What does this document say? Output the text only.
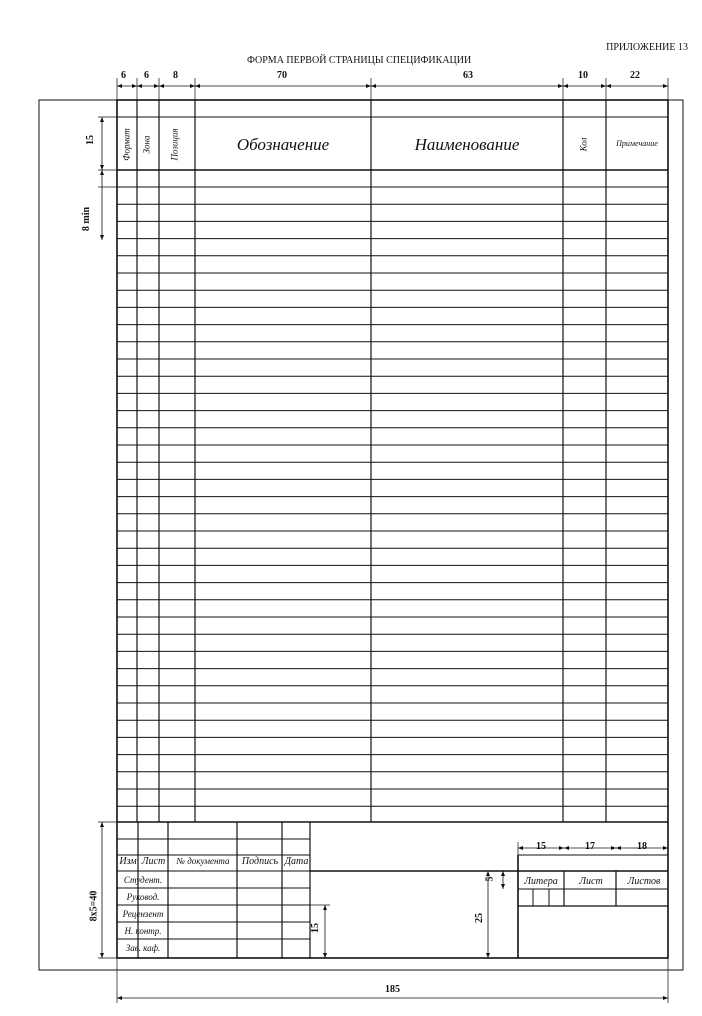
ПРИЛОЖЕНИЕ 13
ФОРМА ПЕРВОЙ СТРАНИЦЫ СПЕЦИФИКАЦИИ
6 6 8	70	63	10	22
15
8 min
8x5=40
15
25
5
15	17	18
185
Формат Зона Позиция	Обозначение	Наименование	Кол	Примечание
Изм Лист	№ документа	Подпись Дата
Студент.
Руковод.
Рецензент
Н. контр.
Зав. каф.
Литера	Лист	Листов
